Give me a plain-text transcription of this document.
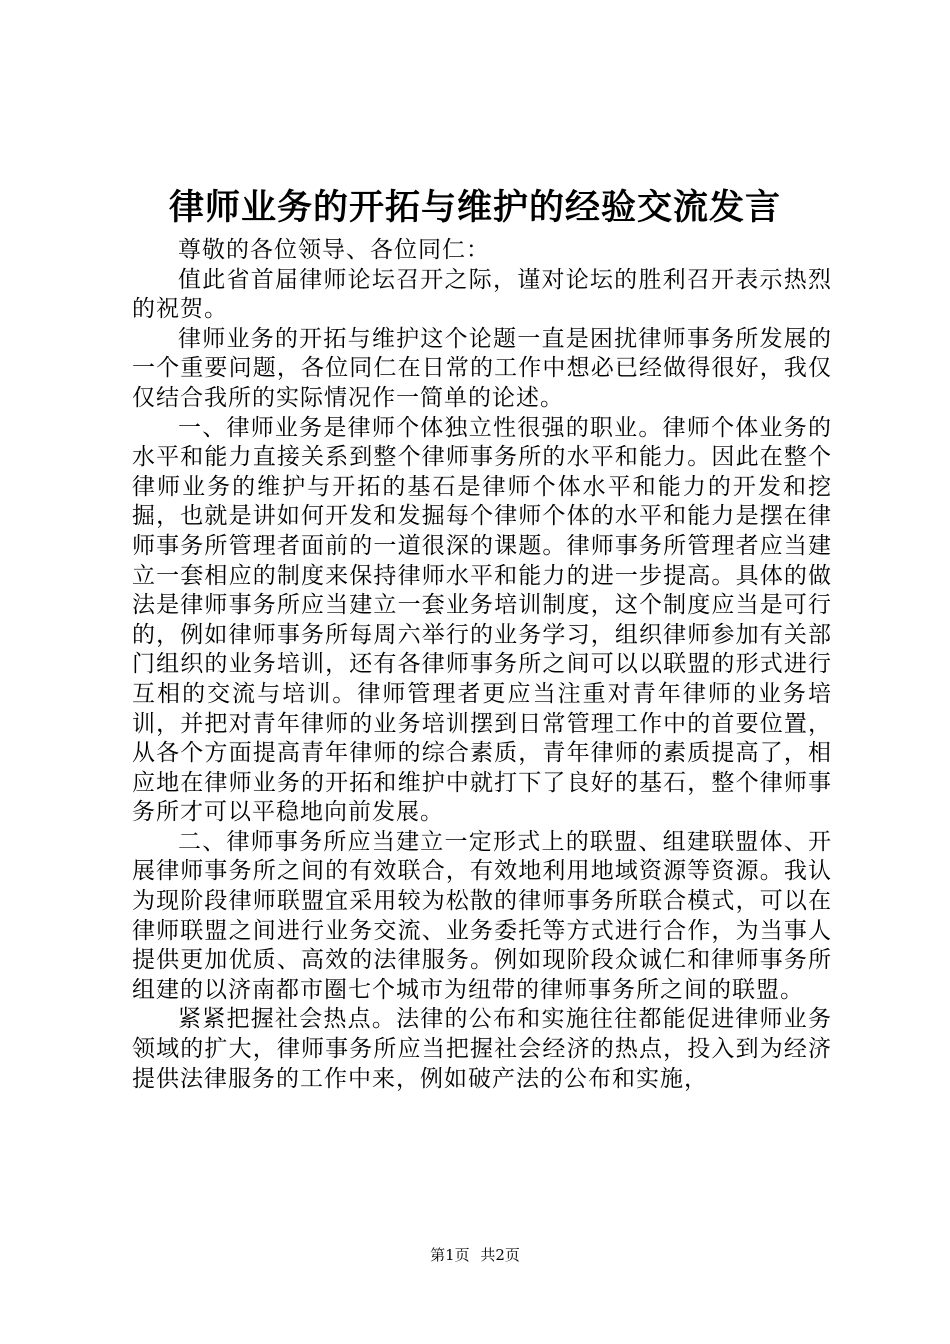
律师业务的开拓与维护的经验交流发言

尊敬的各位领导、各位同仁：

值此省首届律师论坛召开之际，谨对论坛的胜利召开表示热烈的祝贺。

律师业务的开拓与维护这个论题一直是困扰律师事务所发展的一个重要问题，各位同仁在日常的工作中想必已经做得很好，我仅仅结合我所的实际情况作一简单的论述。

一、律师业务是律师个体独立性很强的职业。律师个体业务的水平和能力直接关系到整个律师事务所的水平和能力。因此在整个律师业务的维护与开拓的基石是律师个体水平和能力的开发和挖掘，也就是讲如何开发和发掘每个律师个体的水平和能力是摆在律师事务所管理者面前的一道很深的课题。律师事务所管理者应当建立一套相应的制度来保持律师水平和能力的进一步提高。具体的做法是律师事务所应当建立一套业务培训制度，这个制度应当是可行的，例如律师事务所每周六举行的业务学习，组织律师参加有关部门组织的业务培训，还有各律师事务所之间可以以联盟的形式进行互相的交流与培训。律师管理者更应当注重对青年律师的业务培训，并把对青年律师的业务培训摆到日常管理工作中的首要位置，从各个方面提高青年律师的综合素质，青年律师的素质提高了，相应地在律师业务的开拓和维护中就打下了良好的基石，整个律师事务所才可以平稳地向前发展。

二、律师事务所应当建立一定形式上的联盟、组建联盟体、开展律师事务所之间的有效联合，有效地利用地域资源等资源。我认为现阶段律师联盟宜采用较为松散的律师事务所联合模式，可以在律师联盟之间进行业务交流、业务委托等方式进行合作，为当事人提供更加优质、高效的法律服务。例如现阶段众诚仁和律师事务所组建的以济南都市圈七个城市为纽带的律师事务所之间的联盟。

紧紧把握社会热点。法律的公布和实施往往都能促进律师业务领域的扩大，律师事务所应当把握社会经济的热点，投入到为经济提供法律服务的工作中来，例如破产法的公布和实施，

第1页 共2页
